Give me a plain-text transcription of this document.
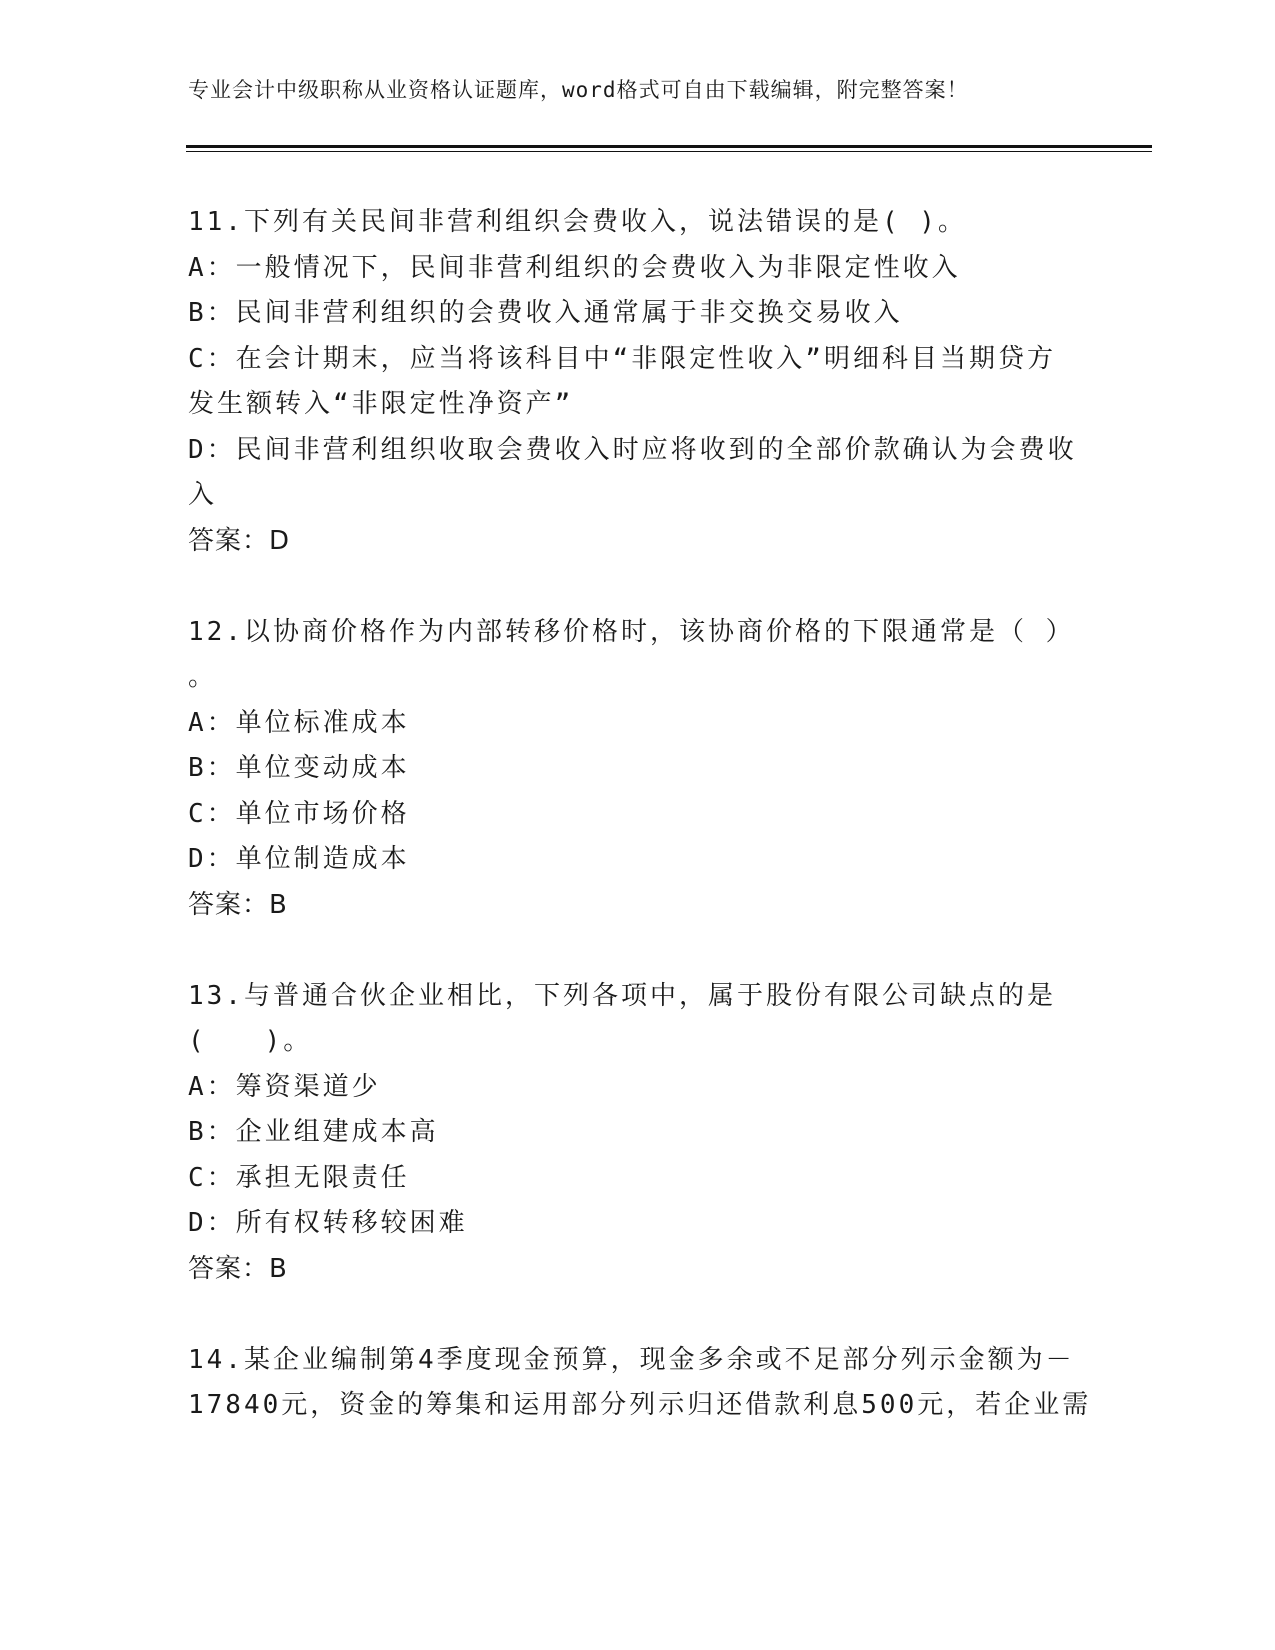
专业会计中级职称从业资格认证题库，word格式可自由下载编辑，附完整答案！
11.下列有关民间非营利组织会费收入，说法错误的是( )。
A：一般情况下，民间非营利组织的会费收入为非限定性收入
B：民间非营利组织的会费收入通常属于非交换交易收入
C：在会计期末，应当将该科目中“非限定性收入”明细科目当期贷方
发生额转入“非限定性净资产”
D：民间非营利组织收取会费收入时应将收到的全部价款确认为会费收
入
答案：D
12.以协商价格作为内部转移价格时，该协商价格的下限通常是（ ）
。
A：单位标准成本
B：单位变动成本
C：单位市场价格
D：单位制造成本
答案：B
13.与普通合伙企业相比，下列各项中，属于股份有限公司缺点的是
(　　)。
A：筹资渠道少
B：企业组建成本高
C：承担无限责任
D：所有权转移较困难
答案：B
14.某企业编制第4季度现金预算，现金多余或不足部分列示金额为－
17840元，资金的筹集和运用部分列示归还借款利息500元，若企业需
